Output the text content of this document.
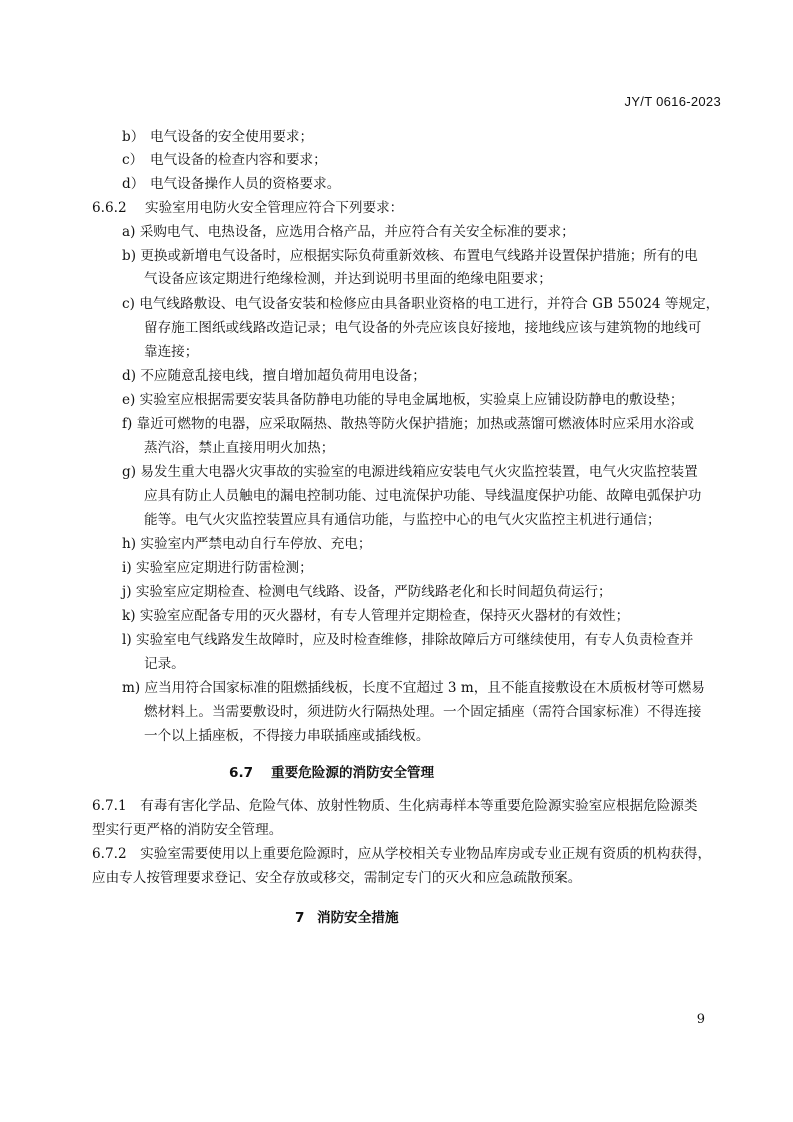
JY/T 0616-2023
b） 电气设备的安全使用要求；
c） 电气设备的检查内容和要求；
d） 电气设备操作人员的资格要求。
6.6.2 实验室用电防火安全管理应符合下列要求：
a) 采购电气、电热设备，应选用合格产品，并应符合有关安全标准的要求；
b) 更换或新增电气设备时，应根据实际负荷重新效核、布置电气线路并设置保护措施；所有的电
气设备应该定期进行绝缘检测，并达到说明书里面的绝缘电阻要求；
c) 电气线路敷设、电气设备安装和检修应由具备职业资格的电工进行，并符合 GB 55024 等规定，
留存施工图纸或线路改造记录；电气设备的外壳应该良好接地，接地线应该与建筑物的地线可
靠连接；
d) 不应随意乱接电线，擅自增加超负荷用电设备；
e) 实验室应根据需要安装具备防静电功能的导电金属地板，实验桌上应铺设防静电的敷设垫；
f) 靠近可燃物的电器，应采取隔热、散热等防火保护措施；加热或蒸馏可燃液体时应采用水浴或
蒸汽浴，禁止直接用明火加热；
g) 易发生重大电器火灾事故的实验室的电源进线箱应安装电气火灾监控装置，电气火灾监控装置
应具有防止人员触电的漏电控制功能、过电流保护功能、导线温度保护功能、故障电弧保护功
能等。电气火灾监控装置应具有通信功能，与监控中心的电气火灾监控主机进行通信；
h) 实验室内严禁电动自行车停放、充电；
i) 实验室应定期进行防雷检测；
j) 实验室应定期检查、检测电气线路、设备，严防线路老化和长时间超负荷运行；
k) 实验室应配备专用的灭火器材，有专人管理并定期检查，保持灭火器材的有效性；
l) 实验室电气线路发生故障时，应及时检查维修，排除故障后方可继续使用，有专人负责检查并
记录。
m) 应当用符合国家标准的阻燃插线板，长度不宜超过 3 m，且不能直接敷设在木质板材等可燃易
燃材料上。当需要敷设时，须进防火行隔热处理。一个固定插座（需符合国家标准）不得连接
一个以上插座板，不得接力串联插座或插线板。
6.7 重要危险源的消防安全管理
6.7.1　有毒有害化学品、危险气体、放射性物质、生化病毒样本等重要危险源实验室应根据危险源类
型实行更严格的消防安全管理。
6.7.2　实验室需要使用以上重要危险源时，应从学校相关专业物品库房或专业正规有资质的机构获得，
应由专人按管理要求登记、安全存放或移交，需制定专门的灭火和应急疏散预案。
7 消防安全措施
9
